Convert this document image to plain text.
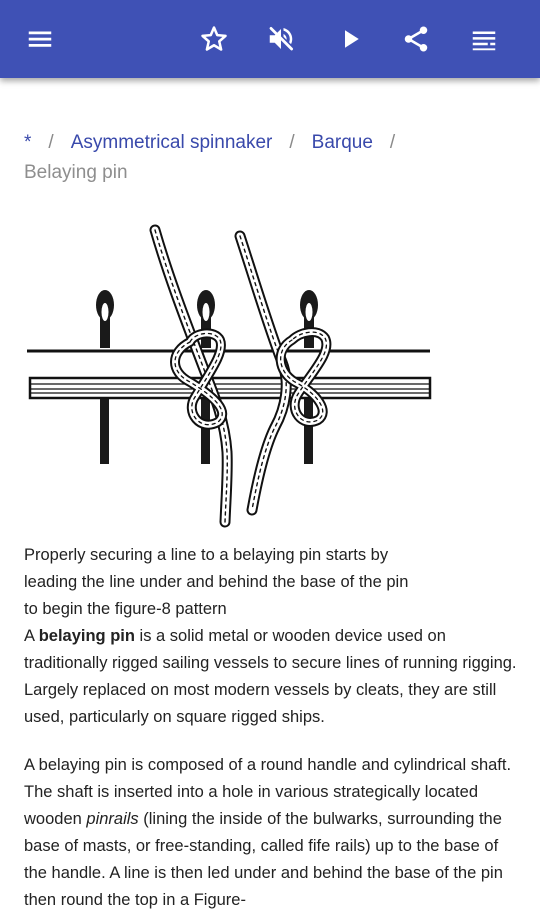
* / Asymmetrical spinnaker / Barque /
Belaying pin
Properly securing a line to a belaying pin starts by
leading the line under and behind the base of the pin
to begin the figure-8 pattern
A belaying pin is a solid metal or wooden device used on traditionally rigged sailing vessels to secure lines of running rigging. Largely replaced on most modern vessels by cleats, they are still used, particularly on square rigged ships.
A belaying pin is composed of a round handle and cylindrical shaft. The shaft is inserted into a hole in various strategically located wooden pinrails (lining the inside of the bulwarks, surrounding the base of masts, or free-standing, called fife rails) up to the base of the handle. A line is then led under and behind the base of the pin then round the top in a Figure-
